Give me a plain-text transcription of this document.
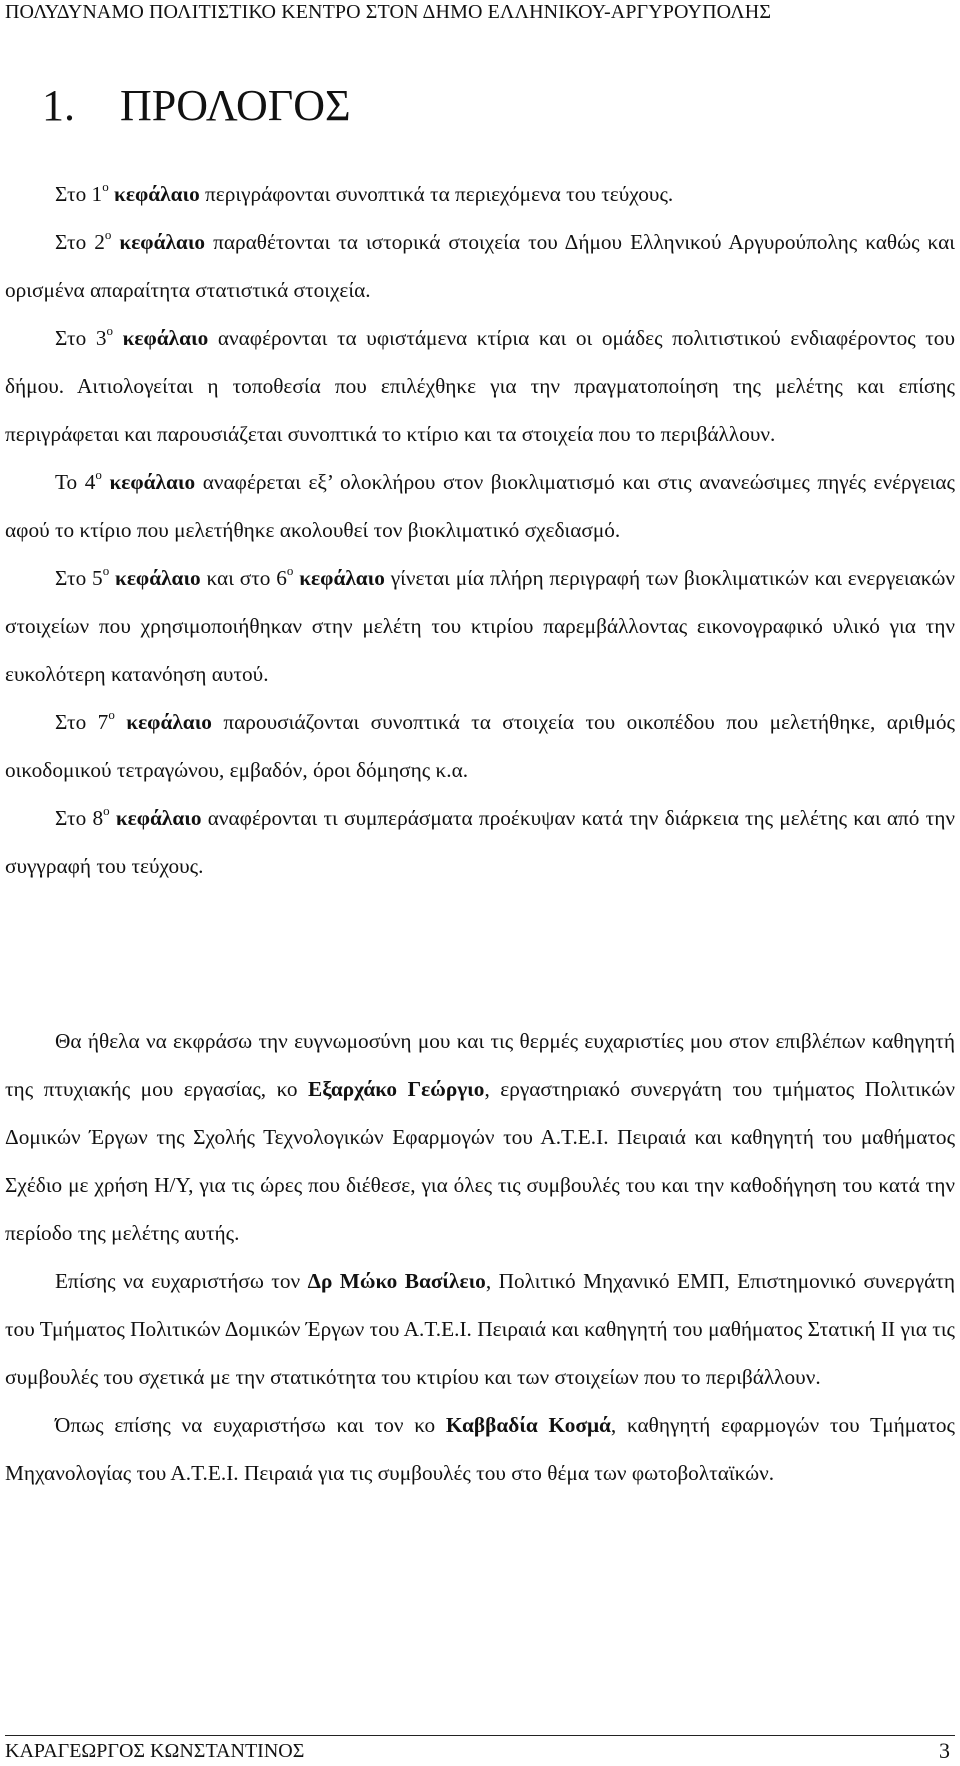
ΠΟΛΥΔΥΝΑΜΟ ΠΟΛΙΤΙΣΤΙΚΟ ΚΕΝΤΡΟ ΣΤΟΝ ΔΗΜΟ ΕΛΛΗΝΙΚΟΥ-ΑΡΓΥΡΟΥΠΟΛΗΣ
1. ΠΡΟΛΟΓΟΣ

Στο $1^o$ κεφάλαιο περιγράφονται συνοπτικά τα περιεχόμενα του τεύχους.

Στο $2^o$ κεφάλαιο παραθέτονται τα ιστορικά στοιχεία του Δήμου Ελληνικού Αργυρούπολης καθώς και ορισμένα απαραίτητα στατιστικά στοιχεία.

Στο $3^o$ κεφάλαιο αναφέρονται τα υφιστάμενα κτίρια και οι ομάδες πολιτιστικού ενδιαφέροντος του δήμου. Αιτιολογείται η τοποθεσία που επιλέχθηκε για την πραγματοποίηση της μελέτης και επίσης περιγράφεται και παρουσιάζεται συνοπτικά το κτίριο και τα στοιχεία που το περιβάλλουν.

Το $4^o$ κεφάλαιο αναφέρεται εξ’ ολοκλήρου στον βιοκλιματισμό και στις ανανεώσιμες πηγές ενέργειας αφού το κτίριο που μελετήθηκε ακολουθεί τον βιοκλιματικό σχεδιασμό.

Στο $5^o$ κεφάλαιο και στο $6^o$ κεφάλαιο γίνεται μία πλήρη περιγραφή των βιοκλιματικών και ενεργειακών στοιχείων που χρησιμοποιήθηκαν στην μελέτη του κτιρίου παρεμβάλλοντας εικονογραφικό υλικό για την ευκολότερη κατανόηση αυτού.

Στο $7^o$ κεφάλαιο παρουσιάζονται συνοπτικά τα στοιχεία του οικοπέδου που μελετήθηκε, αριθμός οικοδομικού τετραγώνου, εμβαδόν, όροι δόμησης κ.α.

Στο $8^o$ κεφάλαιο αναφέρονται τι συμπεράσματα προέκυψαν κατά την διάρκεια της μελέτης και από την συγγραφή του τεύχους.

Θα ήθελα να εκφράσω την ευγνωμοσύνη μου και τις θερμές ευχαριστίες μου στον επιβλέπων καθηγητή της πτυχιακής μου εργασίας, κο Εξαρχάκο Γεώργιο, εργαστηριακό συνεργάτη του τμήματος Πολιτικών Δομικών Έργων της Σχολής Τεχνολογικών Εφαρμογών του Α.Τ.Ε.Ι. Πειραιά και καθηγητή του μαθήματος Σχέδιο με χρήση Η/Υ, για τις ώρες που διέθεσε, για όλες τις συμβουλές του και την καθοδήγηση του κατά την περίοδο της μελέτης αυτής.

Επίσης να ευχαριστήσω τον Δρ Μώκο Βασίλειο, Πολιτικό Μηχανικό ΕΜΠ, Επιστημονικό συνεργάτη του Τμήματος Πολιτικών Δομικών Έργων του Α.Τ.Ε.Ι. Πειραιά και καθηγητή του μαθήματος Στατική ΙΙ για τις συμβουλές του σχετικά με την στατικότητα του κτιρίου και των στοιχείων που το περιβάλλουν.

Όπως επίσης να ευχαριστήσω και τον κο Καββαδία Κοσμά, καθηγητή εφαρμογών του Τμήματος Μηχανολογίας του Α.Τ.Ε.Ι. Πειραιά για τις συμβουλές του στο θέμα των φωτοβολταϊκών.

ΚΑΡΑΓΕΩΡΓΟΣ ΚΩΝΣΤΑΝΤΙΝΟΣ	3
